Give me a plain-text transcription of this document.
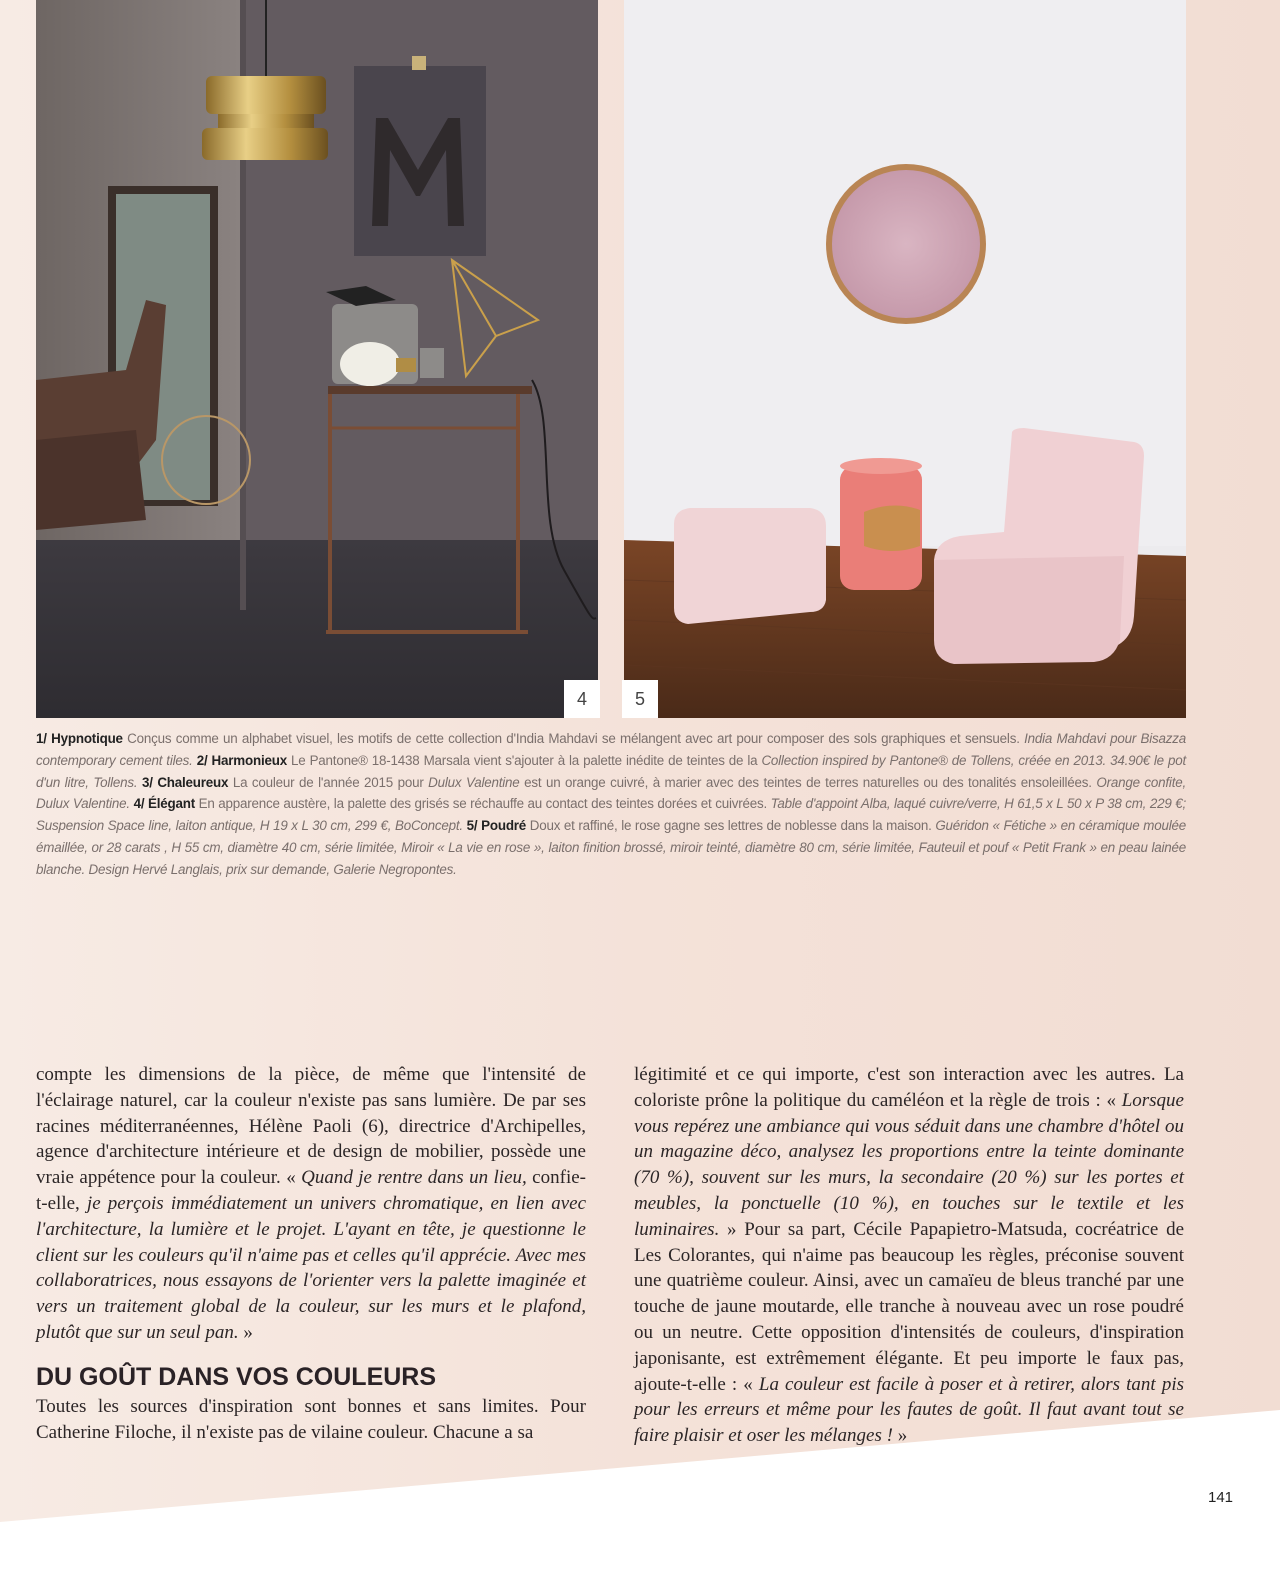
4	5
1/ Hypnotique Conçus comme un alphabet visuel, les motifs de cette collection d'India Mahdavi se mélangent avec art pour composer des sols graphiques et sensuels. India Mahdavi pour Bisazza contemporary cement tiles. 2/ Harmonieux Le Pantone® 18-1438 Marsala vient s'ajouter à la palette inédite de teintes de la Collection inspired by Pantone® de Tollens, créée en 2013. 34.90€ le pot d'un litre, Tollens. 3/ Chaleureux La couleur de l'année 2015 pour Dulux Valentine est un orange cuivré, à marier avec des teintes de terres naturelles ou des tonalités ensoleillées. Orange confite, Dulux Valentine. 4/ Élégant En apparence austère, la palette des grisés se réchauffe au contact des teintes dorées et cuivrées. Table d'appoint Alba, laqué cuivre/verre, H 61,5 x L 50 x P 38 cm, 229 €; Suspension Space line, laiton antique, H 19 x L 30 cm, 299 €, BoConcept. 5/ Poudré Doux et raffiné, le rose gagne ses lettres de noblesse dans la maison. Guéridon « Fétiche » en céramique moulée émaillée, or 28 carats , H 55 cm, diamètre 40 cm, série limitée, Miroir « La vie en rose », laiton finition brossé, miroir teinté, diamètre 80 cm, série limitée, Fauteuil et pouf « Petit Frank » en peau lainée blanche. Design Hervé Langlais, prix sur demande, Galerie Negropontes.

compte les dimensions de la pièce, de même que l'intensité de l'éclairage naturel, car la couleur n'existe pas sans lumière. De par ses racines méditerranéennes, Hélène Paoli (6), directrice d'Archipelles, agence d'architecture intérieure et de design de mobilier, possède une vraie appétence pour la couleur. « Quand je rentre dans un lieu, confie-t-elle, je perçois immédiatement un univers chromatique, en lien avec l'architecture, la lumière et le projet. L'ayant en tête, je questionne le client sur les couleurs qu'il n'aime pas et celles qu'il apprécie. Avec mes collaboratrices, nous essayons de l'orienter vers la palette imaginée et vers un traitement global de la couleur, sur les murs et le plafond, plutôt que sur un seul pan. »

DU GOÛT DANS VOS COULEURS

Toutes les sources d'inspiration sont bonnes et sans limites. Pour Catherine Filoche, il n'existe pas de vilaine couleur. Chacune a sa

légitimité et ce qui importe, c'est son interaction avec les autres. La coloriste prône la politique du caméléon et la règle de trois : « Lorsque vous repérez une ambiance qui vous séduit dans une chambre d'hôtel ou un magazine déco, analysez les proportions entre la teinte dominante (70 %), souvent sur les murs, la secondaire (20 %) sur les portes et meubles, la ponctuelle (10 %), en touches sur le textile et les luminaires. » Pour sa part, Cécile Papapietro-Matsuda, cocréatrice de Les Colorantes, qui n'aime pas beaucoup les règles, préconise souvent une quatrième couleur. Ainsi, avec un camaïeu de bleus tranché par une touche de jaune moutarde, elle tranche à nouveau avec un rose poudré ou un neutre. Cette opposition d'intensités de couleurs, d'inspiration japonisante, est extrêmement élégante. Et peu importe le faux pas, ajoute-t-elle : « La couleur est facile à poser et à retirer, alors tant pis pour les erreurs et même pour les fautes de goût. Il faut avant tout se faire plaisir et oser les mélanges ! »

141
